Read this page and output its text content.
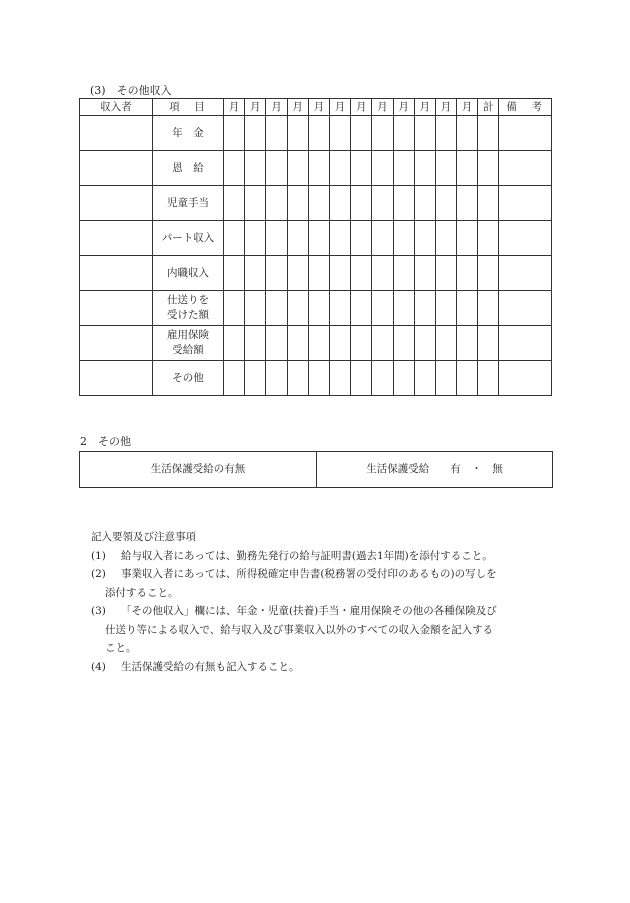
(3)　その他収入
収入者	項　目	月	月	月	月	月	月	月	月	月	月	月	月	計	備　考
	年　金														
	恩　給														
	児童手当														
	パート収入														
	内職収入														
	仕送りを
受けた額														
	雇用保険
受給額														
	その他														
2　その他
生活保護受給の有無	生活保護受給　　有　・　無
記入要領及び注意事項
(1) 給与収入者にあっては、勤務先発行の給与証明書(過去1年間)を添付すること。
(2) 事業収入者にあっては、所得税確定申告書(税務署の受付印のあるもの)の写しを
添付すること。
(3) 「その他収入」欄には、年金・児童(扶養)手当・雇用保険その他の各種保険及び
仕送り等による収入で、給与収入及び事業収入以外のすべての収入金額を記入する
こと。
(4) 生活保護受給の有無も記入すること。
